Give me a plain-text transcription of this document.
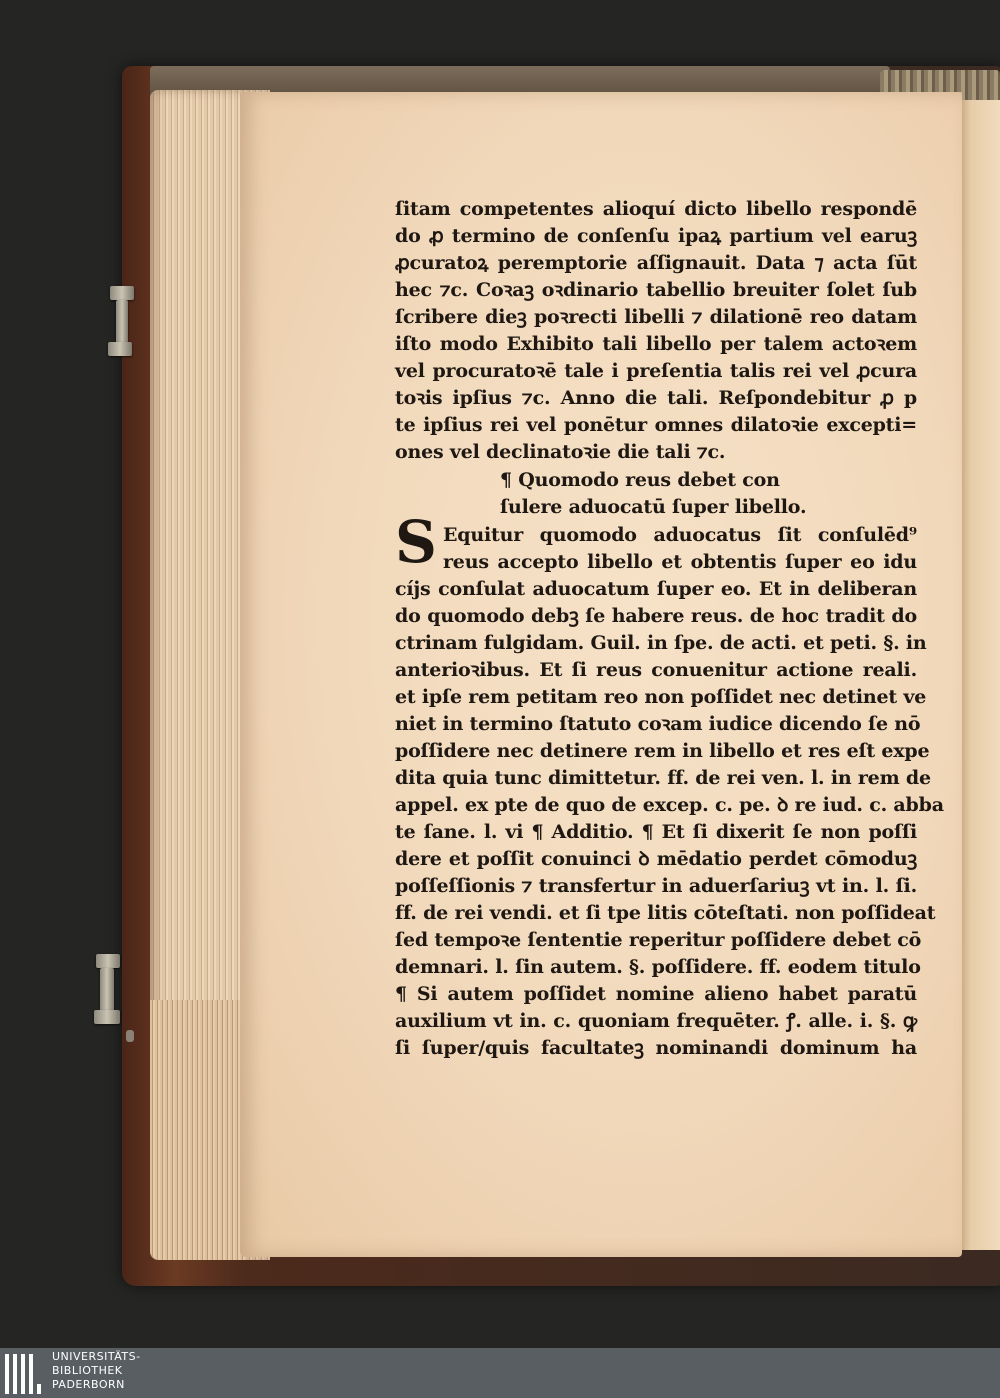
ſitam competentes alioquí dicto libello respondē
do ꝓ termino de conſenſu ipaꝝ partium vel earuꝫ
ꝓcuratoꝝ peremptorie aſſignauit. Data ⁊ acta ſūt
hec ⁊c. Coꝛaꝫ oꝛdinario tabellio breuiter ſolet ſub
ſcribere dieꝫ poꝛrecti libelli ⁊ dilationē reo datam
iſto modo Exhibito tali libello per talem actoꝛem
vel procuratoꝛē tale i preſentia talis rei vel ꝓcura
toꝛis ipſius ⁊c. Anno die tali. Reſpondebitur ꝓ p
te ipſius rei vel ponētur omnes dilatoꝛie excepti=
ones vel declinatoꝛie die tali ⁊c.
¶ Quomodo reus debet con
ſulere aduocatū ſuper libello.
S Equitur quomodo aduocatus ſit conſulēd⁹
reus accepto libello et obtentis ſuper eo idu
cíjs conſulat aduocatum ſuper eo. Et in deliberan
do quomodo debꝫ ſe habere reus. de hoc tradit do
ctrinam fulgidam. Guil. in ſpe. de acti. et peti. §. in
anterioꝛibus. Et ſi reus conuenitur actione reali.
et ipſe rem petitam reo non poſſidet nec detinet ve
niet in termino ſtatuto coꝛam iudice dicendo ſe nō
poſſidere nec detinere rem in libello et res eſt expe
dita quia tunc dimittetur. ff. de rei ven. l. in rem de
appel. ex pte de quo de excep. c. pe. ꝺ re iud. c. abba
te ſane. l. vi ¶ Additio. ¶ Et ſi dixerit ſe non poſſi
dere et poſſit conuinci ꝺ mēdatio perdet cōmoduꝫ
poſſeſſionis ⁊ transfertur in aduerſariuꝫ vt in. l. ſi.
ff. de rei vendi. et ſi tpe litis cōteſtati. non poſſideat
ſed tempoꝛe ſententie reperitur poſſidere debet cō
demnari. l. ſin autem. §. poſſidere. ff. eodem titulo
¶ Si autem poſſidet nomine alieno habet paratū
auxilium vt in. c. quoniam frequēter. ꝭ. alle. i. §. ꝙ
ſi ſuper/quis facultateꝫ nominandi dominum ha
UNIVERSITÄTS-
BIBLIOTHEK
PADERBORN
